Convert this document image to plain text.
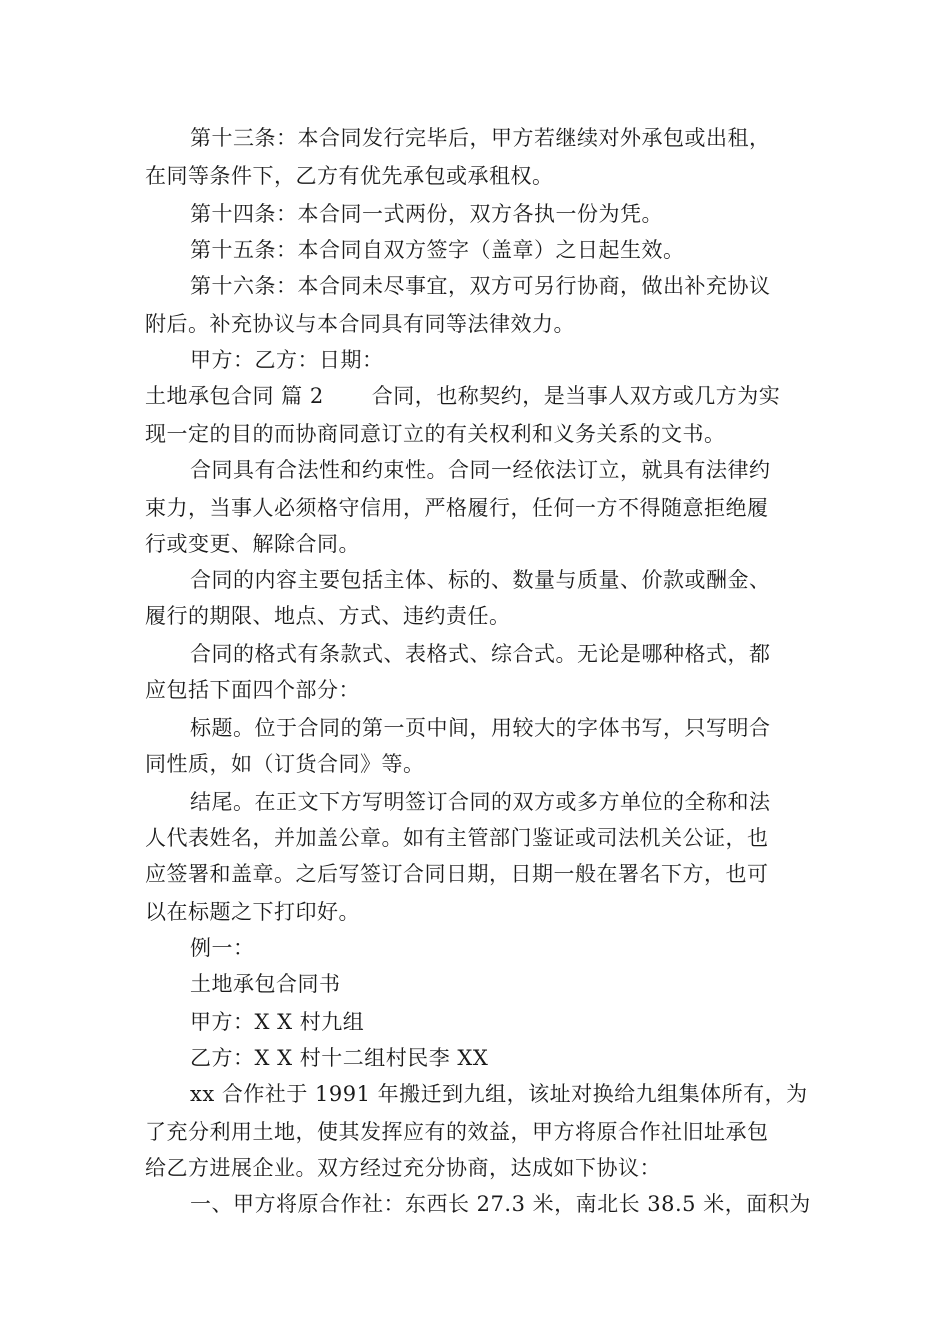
第十三条：本合同发行完毕后，甲方若继续对外承包或出租，
在同等条件下，乙方有优先承包或承租权。
第十四条：本合同一式两份，双方各执一份为凭。
第十五条：本合同自双方签字（盖章）之日起生效。
第十六条：本合同未尽事宜，双方可另行协商，做出补充协议
附后。补充协议与本合同具有同等法律效力。
甲方：乙方：日期：
土地承包合同 篇 2 合同，也称契约，是当事人双方或几方为实
现一定的目的而协商同意订立的有关权利和义务关系的文书。
合同具有合法性和约束性。合同一经依法订立，就具有法律约
束力，当事人必须格守信用，严格履行，任何一方不得随意拒绝履
行或变更、解除合同。
合同的内容主要包括主体、标的、数量与质量、价款或酬金、
履行的期限、地点、方式、违约责任。
合同的格式有条款式、表格式、综合式。无论是哪种格式，都
应包括下面四个部分：
标题。位于合同的第一页中间，用较大的字体书写，只写明合
同性质，如（订货合同》等。
结尾。在正文下方写明签订合同的双方或多方单位的全称和法
人代表姓名，并加盖公章。如有主管部门鉴证或司法机关公证，也
应签署和盖章。之后写签订合同日期，日期一般在署名下方，也可
以在标题之下打印好。
例一：
土地承包合同书
甲方：X X 村九组
乙方：X X 村十二组村民李 XX
xx 合作社于 1991 年搬迁到九组，该址对换给九组集体所有，为
了充分利用土地，使其发挥应有的效益，甲方将原合作社旧址承包
给乙方进展企业。双方经过充分协商，达成如下协议：
一、甲方将原合作社：东西长 27.3 米，南北长 38.5 米，面积为
